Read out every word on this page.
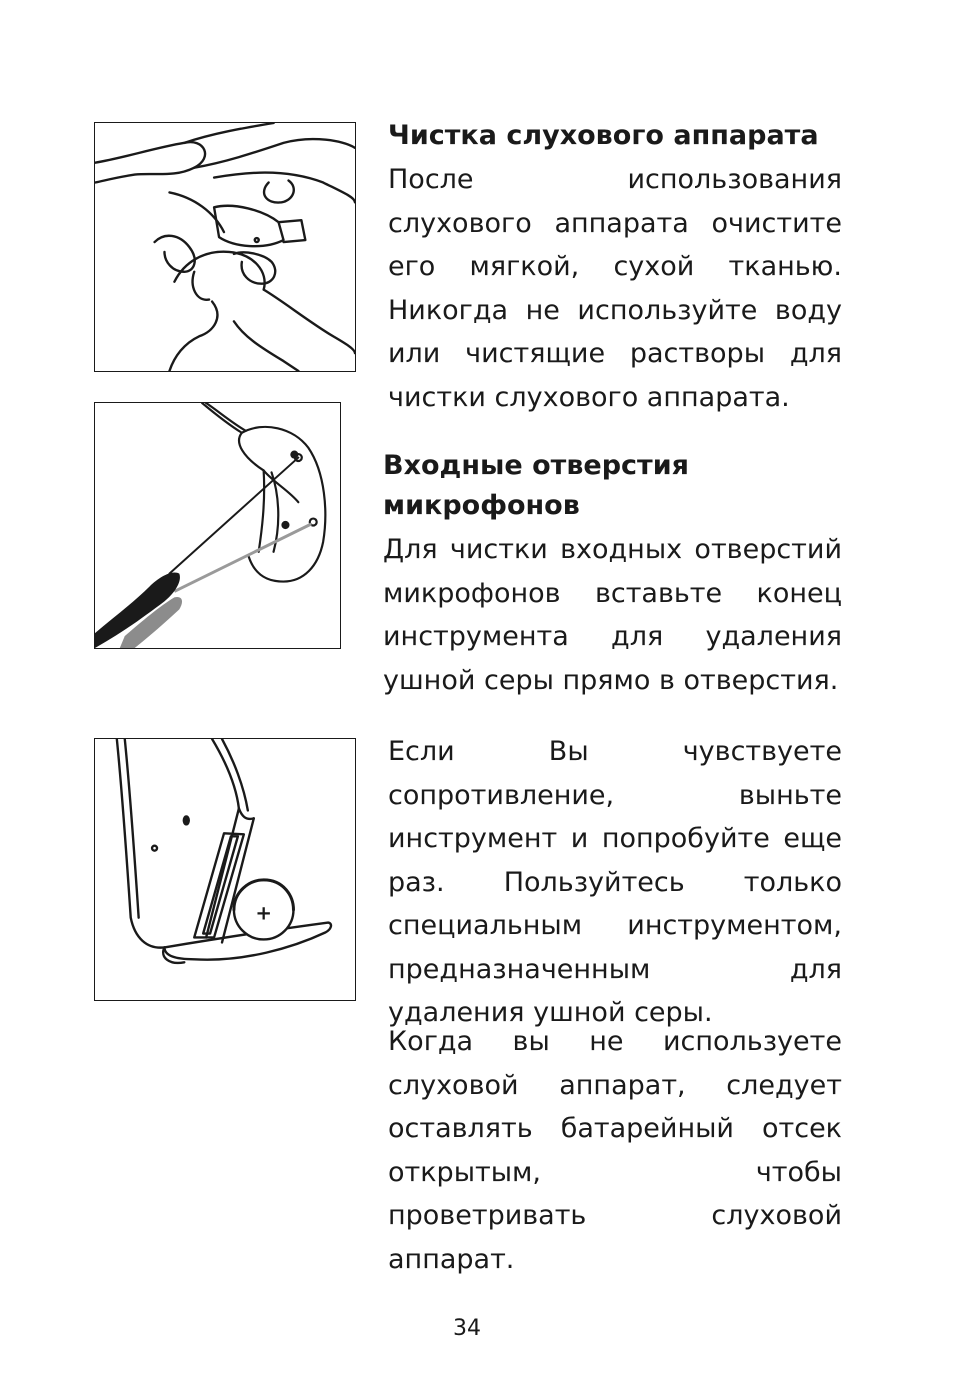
+

Чистка слухового аппарата

После использования слухового аппарата очистите его мягкой, сухой тканью. Никогда не используйте воду или чистящие растворы для чистки слухового аппарата.

Входные отверстия

микрофонов

Для чистки входных отверстий микрофонов вставьте конец инструмента для удаления ушной серы прямо в отверстия.

Если Вы чувствуете сопротивление, выньте инструмент и попробуйте еще раз. Пользуйтесь только специальным инструментом, предназначенным для удаления ушной серы.

Когда вы не используете слуховой аппарат, следует оставлять батарейный отсек открытым, чтобы проветривать слуховой аппарат.

34
